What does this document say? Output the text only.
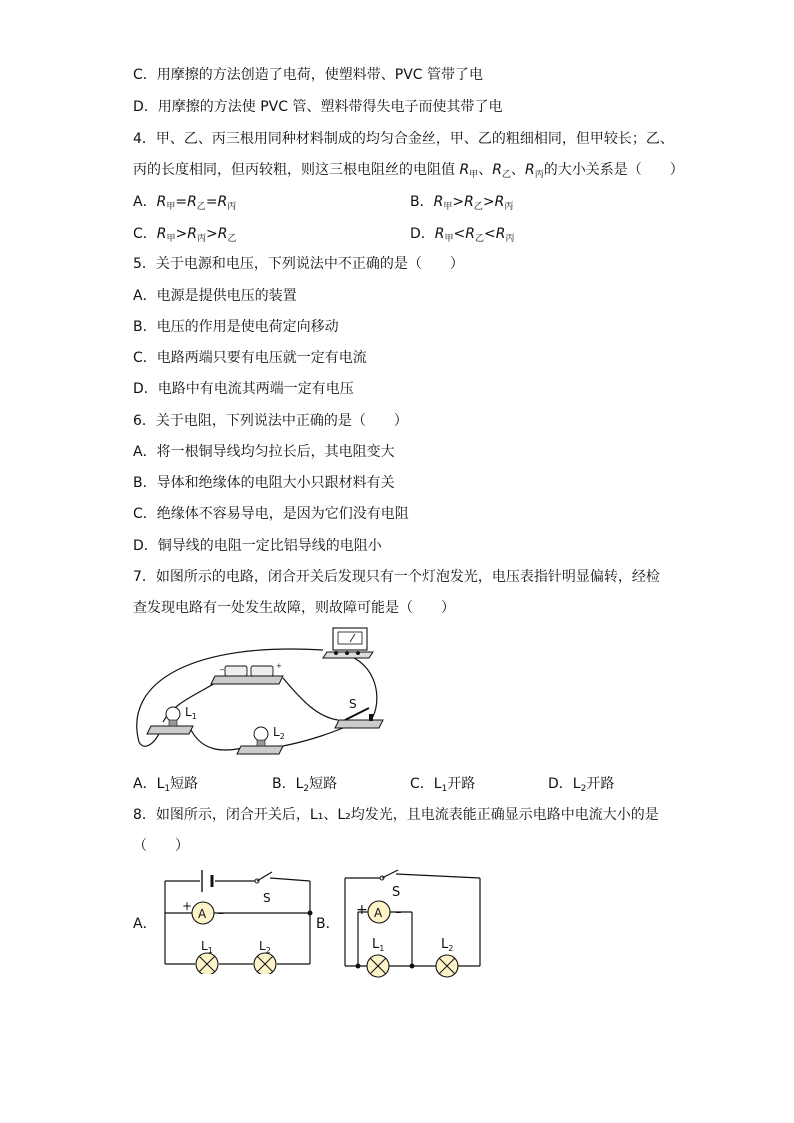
C．用摩擦的方法创造了电荷，使塑料带、PVC 管带了电
D．用摩擦的方法使 PVC 管、塑料带得失电子而使其带了电
4．甲、乙、丙三根用同种材料制成的均匀合金丝，甲、乙的粗细相同，但甲较长；乙、
丙的长度相同，但丙较粗，则这三根电阻丝的电阻值 $R_甲$、$R_乙$、$R_丙$的大小关系是（　　）
A．$R_甲=R_乙=R_丙$	B．$R_甲>R_乙>R_丙$
C．$R_甲>R_丙>R_乙$	D．$R_甲<R_乙<R_丙$
5．关于电源和电压，下列说法中不正确的是（　　）
A．电源是提供电压的装置
B．电压的作用是使电荷定向移动
C．电路两端只要有电压就一定有电流
D．电路中有电流其两端一定有电压
6．关于电阻，下列说法中正确的是（　　）
A．将一根铜导线均匀拉长后，其电阻变大
B．导体和绝缘体的电阻大小只跟材料有关
C．绝缘体不容易导电，是因为它们没有电阻
D．铜导线的电阻一定比铝导线的电阻小
7．如图所示的电路，闭合开关后发现只有一个灯泡发光，电压表指针明显偏转，经检
查发现电路有一处发生故障，则故障可能是（　　）
−	+
S
$L_1$
$L_2$
A．$L_1$短路	B．$L_2$短路	C．$L_1$开路	D．$L_2$开路
8．如图所示，闭合开关后，L₁、L₂均发光，且电流表能正确显示电路中电流大小的是
（　　）
A．
S
A
+ –
$L_1$	$L_2$
B．
S
A
+ –
$L_1$	$L_2$
